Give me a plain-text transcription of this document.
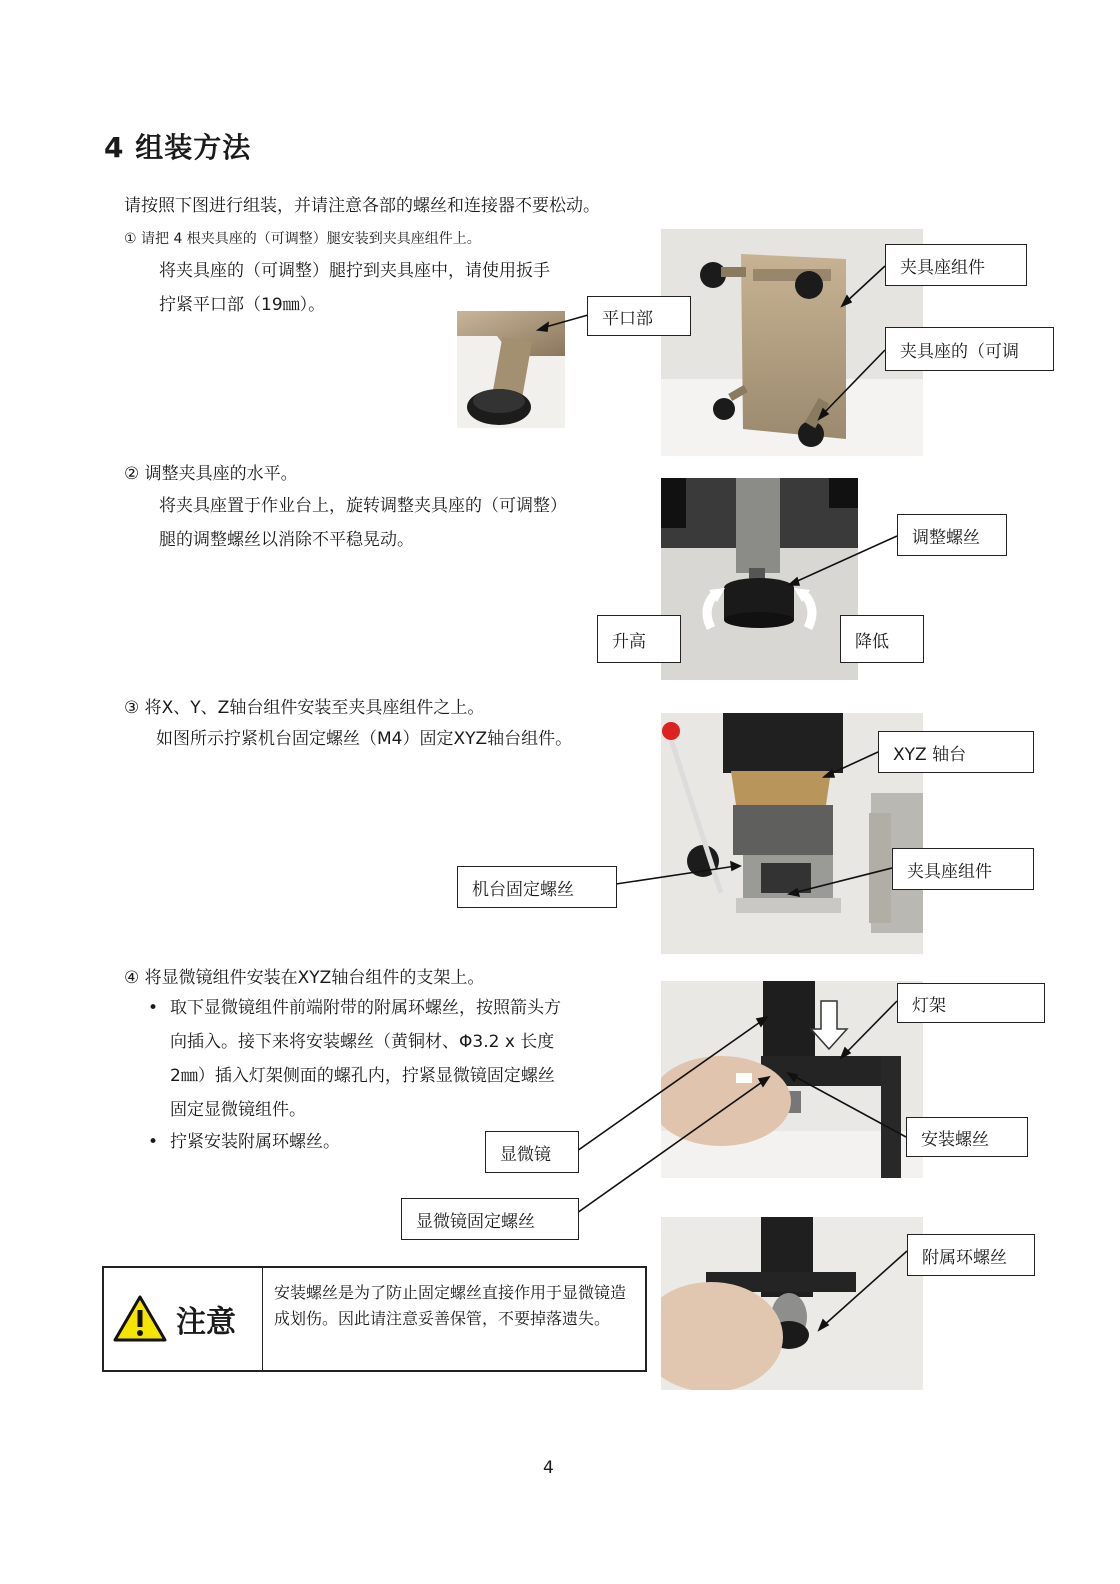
4 组装方法
请按照下图进行组装，并请注意各部的螺丝和连接器不要松动。
① 请把 4 根夹具座的（可调整）腿安装到夹具座组件上。
将夹具座的（可调整）腿拧到夹具座中，请使用扳手
拧紧平口部（19㎜）。
② 调整夹具座的水平。
将夹具座置于作业台上，旋转调整夹具座的（可调整）
腿的调整螺丝以消除不平稳晃动。
③ 将X、Y、Z轴台组件安装至夹具座组件之上。
如图所示拧紧机台固定螺丝（M4）固定XYZ轴台组件。
④ 将显微镜组件安装在XYZ轴台组件的支架上。
• 取下显微镜组件前端附带的附属环螺丝，按照箭头方
向插入。接下来将安装螺丝（黄铜材、Φ3.2 x 长度
2㎜）插入灯架侧面的螺孔内，拧紧显微镜固定螺丝
固定显微镜组件。
• 拧紧安装附属环螺丝。
平口部
夹具座组件
夹具座的（可调
调整螺丝
升高	降低
XYZ 轴台
机台固定螺丝
夹具座组件
灯架
安装螺丝
显微镜
显微镜固定螺丝
附属环螺丝
注意
安装螺丝是为了防止固定螺丝直接作用于显微镜造成划伤。因此请注意妥善保管，不要掉落遗失。
4
